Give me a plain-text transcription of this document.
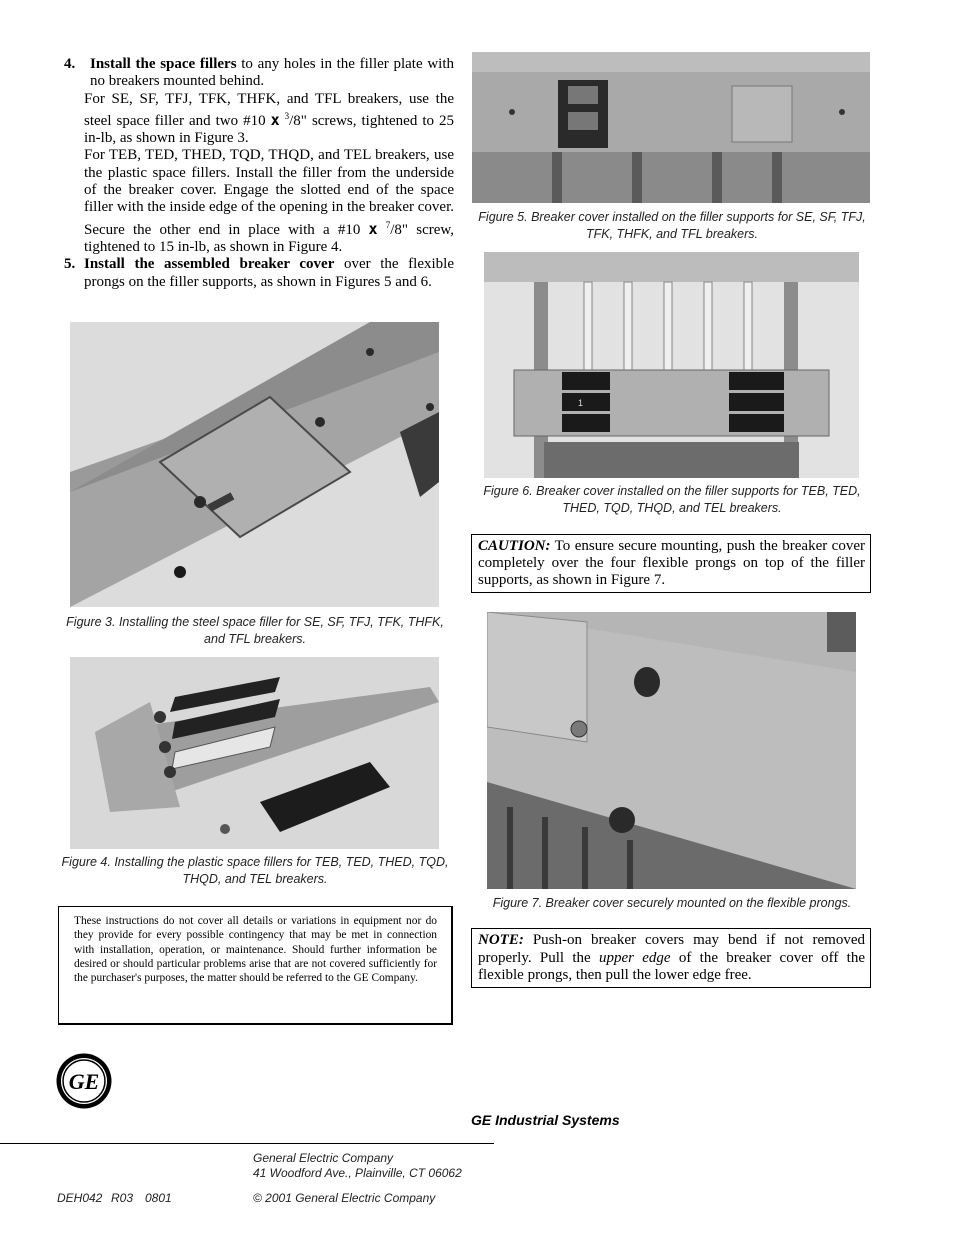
4. Install the space fillers to any holes in the filler plate with no breakers mounted behind.

For SE, SF, TFJ, TFK, THFK, and TFL breakers, use the steel space filler and two #10 x $^3$/8" screws, tightened to 25 in-lb, as shown in Figure 3.

For TEB, TED, THED, TQD, THQD, and TEL breakers, use the plastic space fillers. Install the filler from the underside of the breaker cover. Engage the slotted end of the space filler with the inside edge of the opening in the breaker cover. Secure the other end in place with a #10 x $^7$/8" screw, tightened to 15 in-lb, as shown in Figure 4.

5. Install the assembled breaker cover over the flexible prongs on the filler supports, as shown in Figures 5 and 6.

Figure 3. Installing the steel space filler for SE, SF, TFJ, TFK, THFK, and TFL breakers.
Figure 4. Installing the plastic space fillers for TEB, TED, THED, TQD, THQD, and TEL breakers.
These instructions do not cover all details or variations in equipment nor do they provide for every possible contingency that may be met in connection with installation, operation, or maintenance. Should further information be desired or should particular problems arise that are not covered sufficiently for the purchaser's purposes, the matter should be referred to the GE Company.
Figure 5. Breaker cover installed on the filler supports for SE, SF, TFJ, TFK, THFK, and TFL breakers.
1
Figure 6. Breaker cover installed on the filler supports for TEB, TED, THED, TQD, THQD, and TEL breakers.

CAUTION: To ensure secure mounting, push the breaker cover completely over the four flexible prongs on top of the filler supports, as shown in Figure 7.

Figure 7. Breaker cover securely mounted on the flexible prongs.

NOTE: Push-on breaker covers may bend if not removed properly. Pull the upper edge of the breaker cover off the flexible prongs, then pull the lower edge free.

GE
GE Industrial Systems
General Electric Company
41 Woodford Ave., Plainville, CT 06062
DEH042 R03 0801	© 2001 General Electric Company
